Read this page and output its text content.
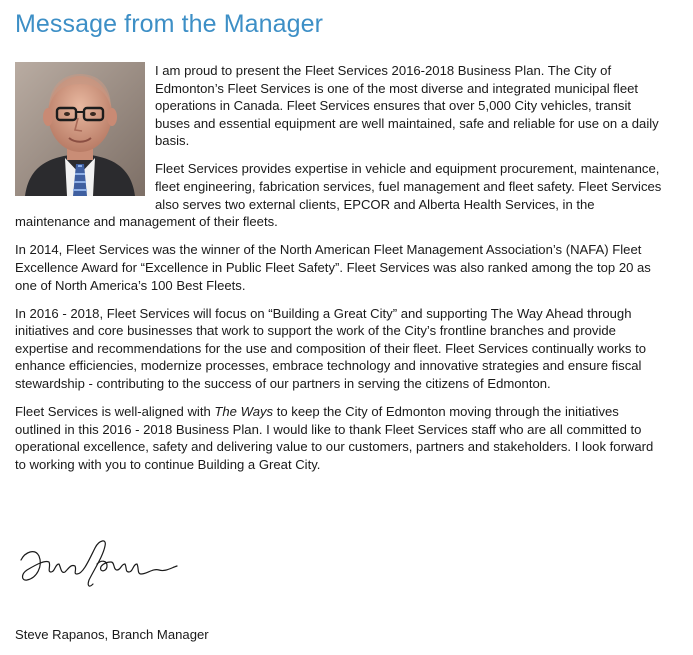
Message from the Manager

I am proud to present the Fleet Services 2016-2018 Business Plan. The City of Edmonton’s Fleet Services is one of the most diverse and integrated municipal fleet operations in Canada. Fleet Services ensures that over 5,000 City vehicles, transit buses and essential equipment are well maintained, safe and reliable for use on a daily basis.

Fleet Services provides expertise in vehicle and equipment procurement, maintenance, fleet engineering, fabrication services, fuel management and fleet safety. Fleet Services also serves two external clients, EPCOR and Alberta Health Services, in the maintenance and management of their fleets.

In 2014, Fleet Services was the winner of the North American Fleet Management Association’s (NAFA) Fleet Excellence Award for “Excellence in Public Fleet Safety”. Fleet Services was also ranked among the top 20 as one of North America’s 100 Best Fleets.

In 2016 - 2018, Fleet Services will focus on “Building a Great City” and supporting The Way Ahead through initiatives and core businesses that work to support the work of the City’s frontline branches and provide expertise and recommendations for the use and composition of their fleet. Fleet Services continually works to enhance efficiencies, modernize processes, embrace technology and innovative strategies and ensure fiscal stewardship - contributing to the success of our partners in serving the citizens of Edmonton.

Fleet Services is well-aligned with The Ways to keep the City of Edmonton moving through the initiatives outlined in this 2016 - 2018 Business Plan. I would like to thank Fleet Services staff who are all committed to operational excellence, safety and delivering value to our customers, partners and stakeholders. I look forward to working with you to continue Building a Great City.

Steve Rapanos, Branch Manager
